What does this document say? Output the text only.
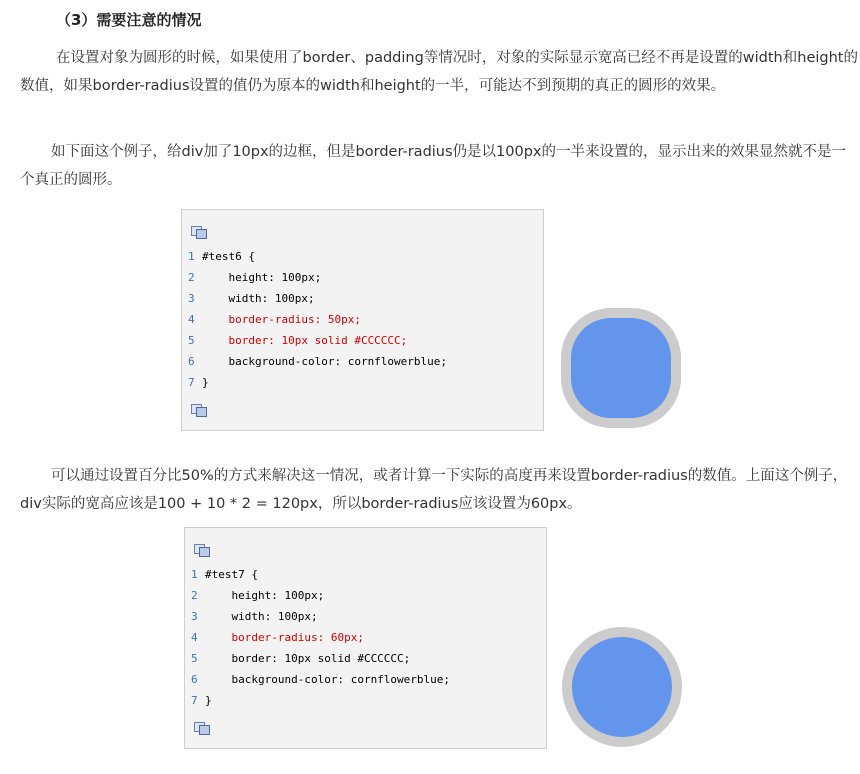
（3）需要注意的情况
在设置对象为圆形的时候，如果使用了border、padding等情况时，对象的实际显示宽高已经不再是设置的width和height的数值，如果border-radius设置的值仍为原本的width和height的一半，可能达不到预期的真正的圆形的效果。
如下面这个例子，给div加了10px的边框，但是border-radius仍是以100px的一半来设置的，显示出来的效果显然就不是一个真正的圆形。
1 #test6 {
2    height: 100px;
3    width: 100px;
4    border-radius: 50px;
5    border: 10px solid #CCCCCC;
6    background-color: cornflowerblue;
7 }
可以通过设置百分比50%的方式来解决这一情况，或者计算一下实际的高度再来设置border-radius的数值。上面这个例子，div实际的宽高应该是100 + 10 * 2 = 120px，所以border-radius应该设置为60px。
1 #test7 {
2    height: 100px;
3    width: 100px;
4    border-radius: 60px;
5    border: 10px solid #CCCCCC;
6    background-color: cornflowerblue;
7 }
